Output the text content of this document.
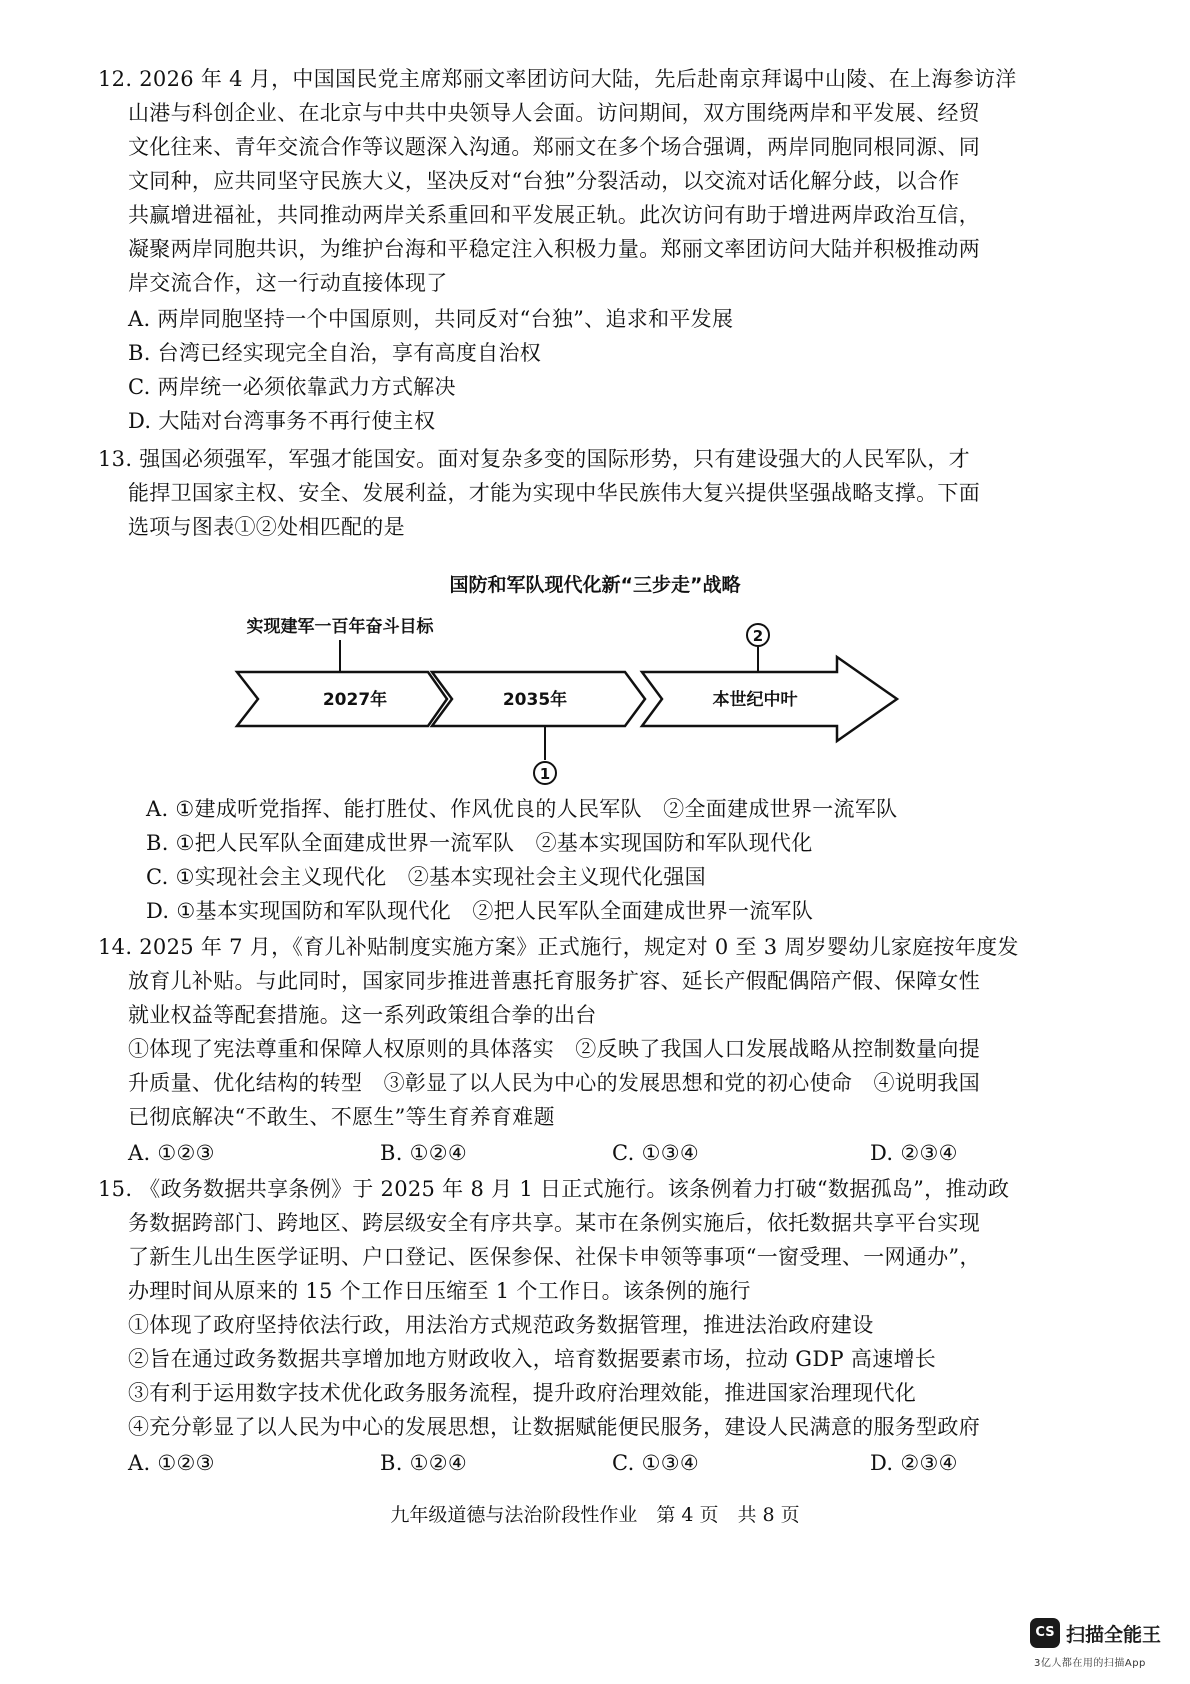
12. 2026 年 4 月，中国国民党主席郑丽文率团访问大陆，先后赴南京拜谒中山陵、在上海参访洋
山港与科创企业、在北京与中共中央领导人会面。访问期间，双方围绕两岸和平发展、经贸
文化往来、青年交流合作等议题深入沟通。郑丽文在多个场合强调，两岸同胞同根同源、同
文同种，应共同坚守民族大义，坚决反对“台独”分裂活动，以交流对话化解分歧，以合作
共赢增进福祉，共同推动两岸关系重回和平发展正轨。此次访问有助于增进两岸政治互信，
凝聚两岸同胞共识，为维护台海和平稳定注入积极力量。郑丽文率团访问大陆并积极推动两
岸交流合作，这一行动直接体现了
A. 两岸同胞坚持一个中国原则，共同反对“台独”、追求和平发展
B. 台湾已经实现完全自治，享有高度自治权
C. 两岸统一必须依靠武力方式解决
D. 大陆对台湾事务不再行使主权
13. 强国必须强军，军强才能国安。面对复杂多变的国际形势，只有建设强大的人民军队，才
能捍卫国家主权、安全、发展利益，才能为实现中华民族伟大复兴提供坚强战略支撑。下面
选项与图表①②处相匹配的是
国防和军队现代化新“三步走”战略
实现建军一百年奋斗目标
2027年	2035年	本世纪中叶
2
1
A. ①建成听党指挥、能打胜仗、作风优良的人民军队　②全面建成世界一流军队
B. ①把人民军队全面建成世界一流军队　②基本实现国防和军队现代化
C. ①实现社会主义现代化　②基本实现社会主义现代化强国
D. ①基本实现国防和军队现代化　②把人民军队全面建成世界一流军队
14. 2025 年 7 月，《育儿补贴制度实施方案》正式施行，规定对 0 至 3 周岁婴幼儿家庭按年度发
放育儿补贴。与此同时，国家同步推进普惠托育服务扩容、延长产假配偶陪产假、保障女性
就业权益等配套措施。这一系列政策组合拳的出台
①体现了宪法尊重和保障人权原则的具体落实　②反映了我国人口发展战略从控制数量向提
升质量、优化结构的转型　③彰显了以人民为中心的发展思想和党的初心使命　④说明我国
已彻底解决“不敢生、不愿生”等生育养育难题
A. ①②③	B. ①②④	C. ①③④	D. ②③④
15. 《政务数据共享条例》于 2025 年 8 月 1 日正式施行。该条例着力打破“数据孤岛”，推动政
务数据跨部门、跨地区、跨层级安全有序共享。某市在条例实施后，依托数据共享平台实现
了新生儿出生医学证明、户口登记、医保参保、社保卡申领等事项“一窗受理、一网通办”，
办理时间从原来的 15 个工作日压缩至 1 个工作日。该条例的施行
①体现了政府坚持依法行政，用法治方式规范政务数据管理，推进法治政府建设
②旨在通过政务数据共享增加地方财政收入，培育数据要素市场，拉动 GDP 高速增长
③有利于运用数字技术优化政务服务流程，提升政府治理效能，推进国家治理现代化
④充分彰显了以人民为中心的发展思想，让数据赋能便民服务，建设人民满意的服务型政府
A. ①②③	B. ①②④	C. ①③④	D. ②③④
九年级道德与法治阶段性作业　第 4 页　共 8 页
CS 扫描全能王
3亿人都在用的扫描App
